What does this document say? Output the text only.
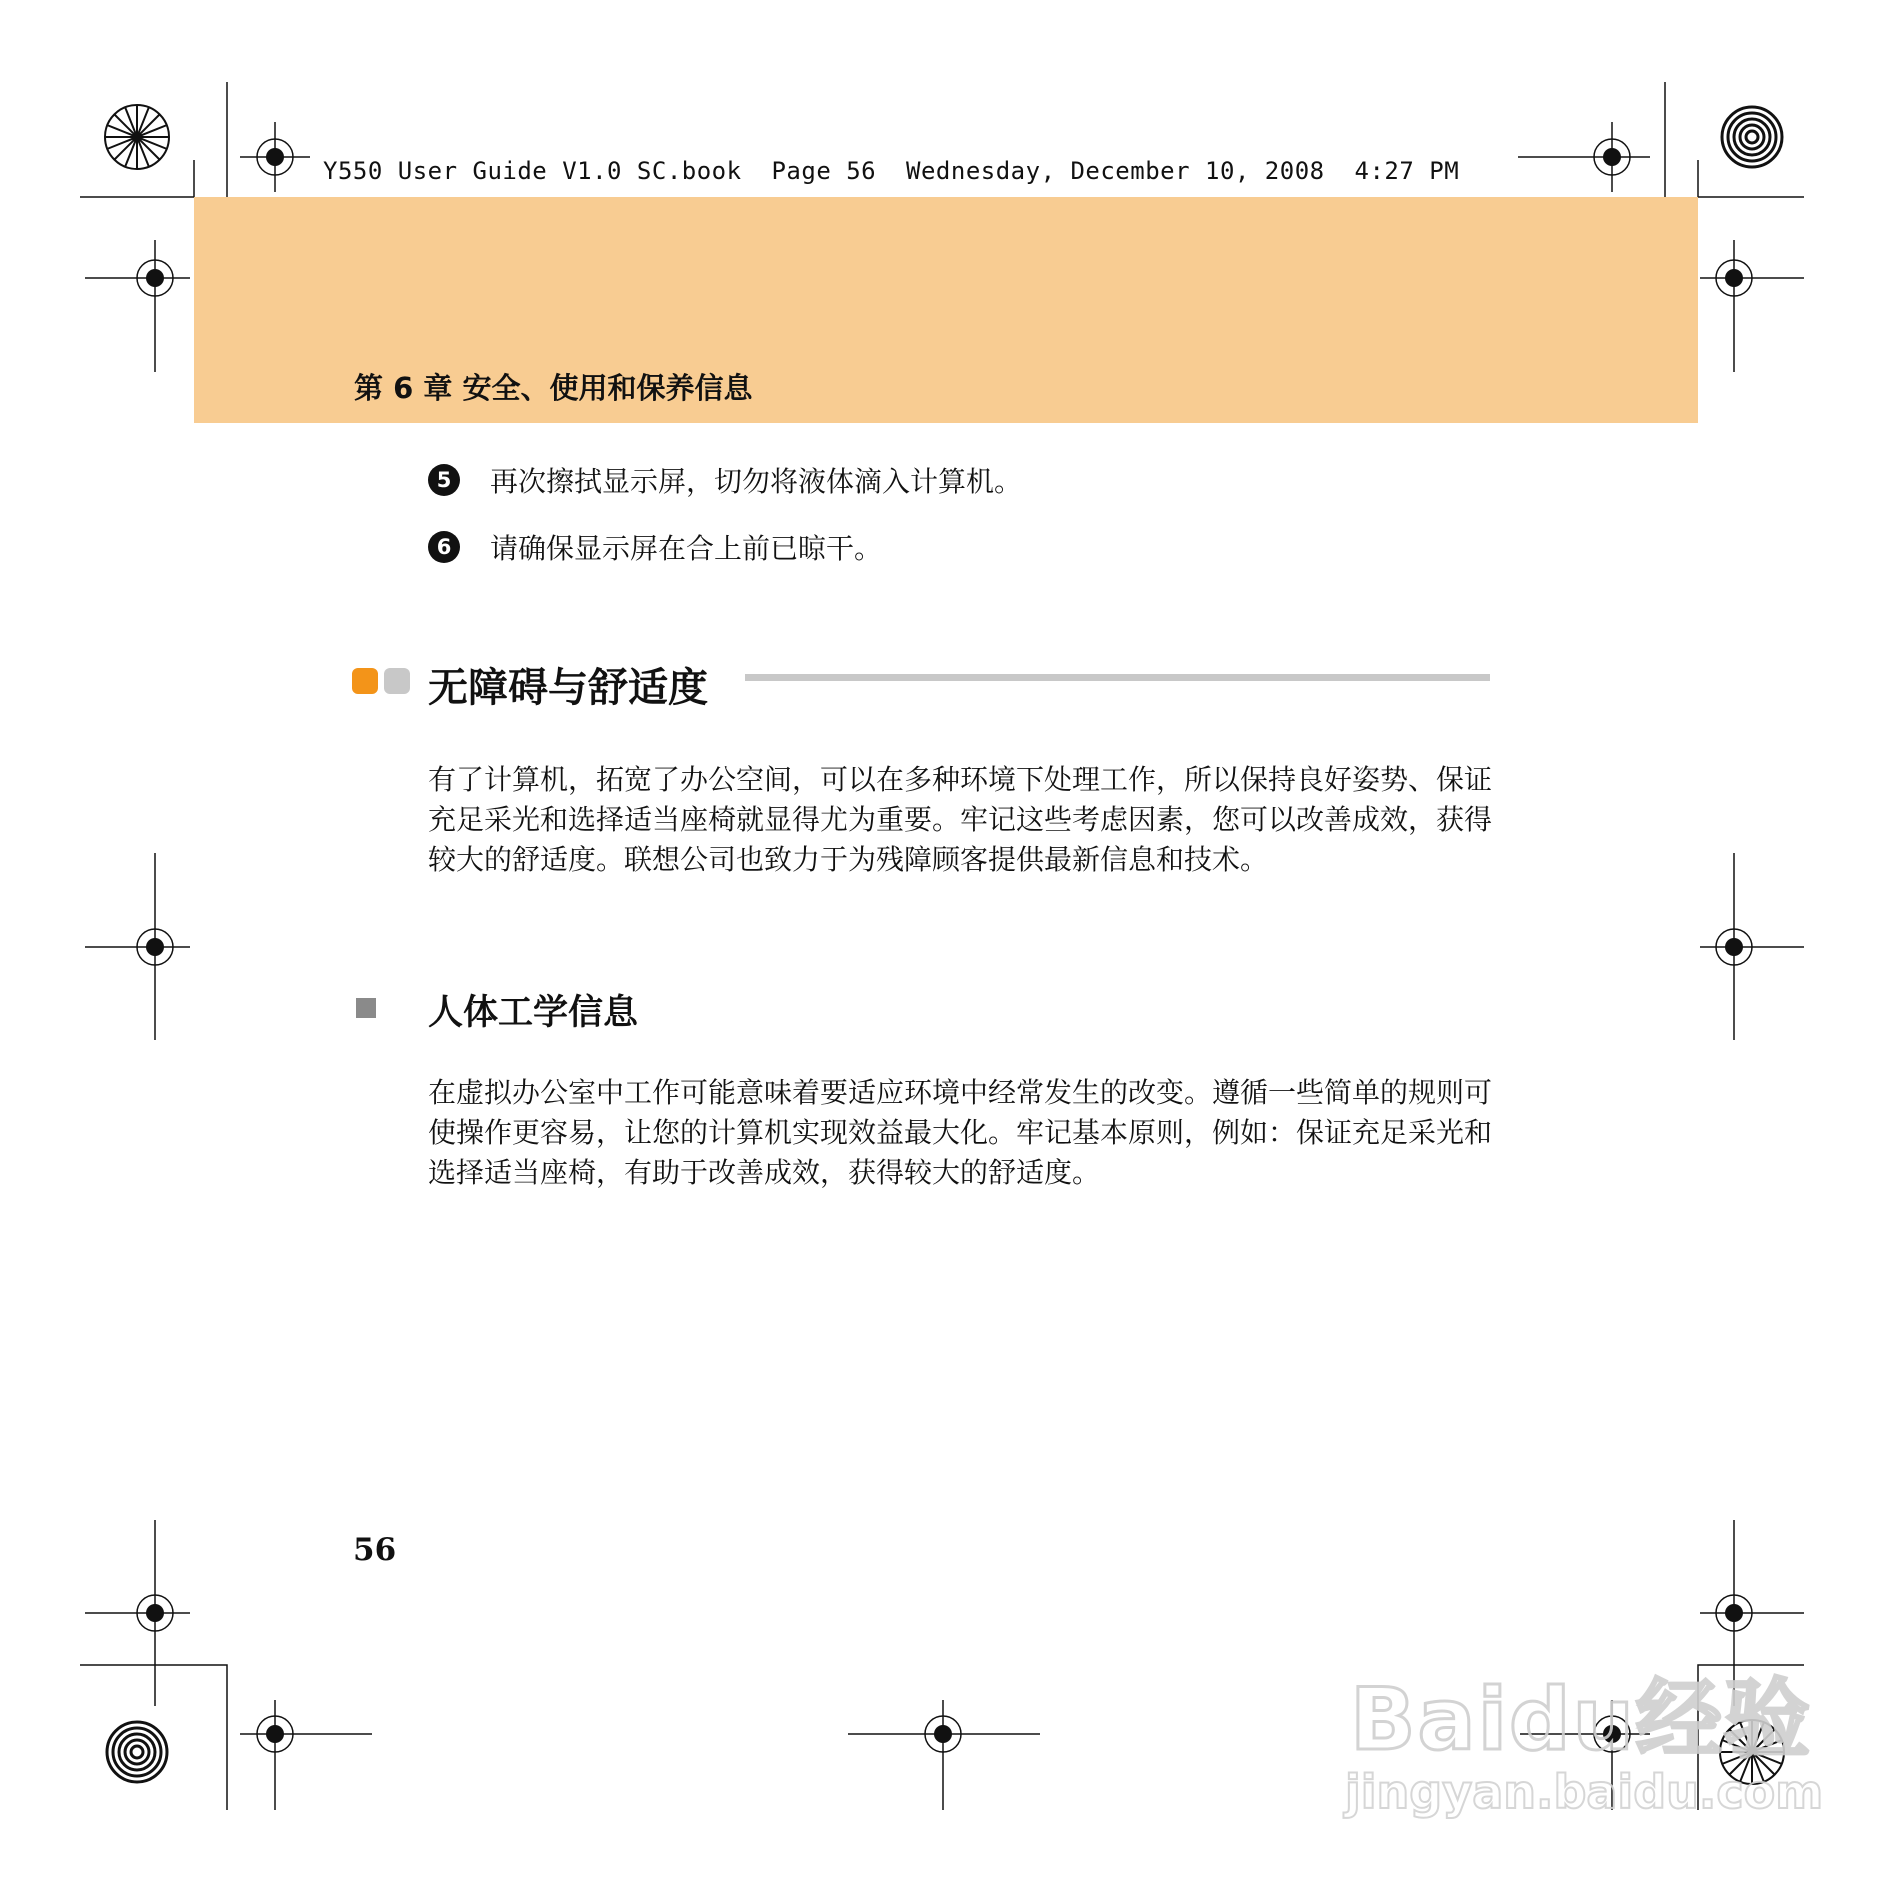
Y550 User Guide V1.0 SC.book  Page 56  Wednesday, December 10, 2008  4:27 PM
第 6 章 安全、使用和保养信息
5	再次擦拭显示屏，切勿将液体滴入计算机。
6	请确保显示屏在合上前已晾干。
无障碍与舒适度
有了计算机，拓宽了办公空间，可以在多种环境下处理工作，所以保持良好姿势、保证充足采光和选择适当座椅就显得尤为重要。牢记这些考虑因素，您可以改善成效，获得较大的舒适度。联想公司也致力于为残障顾客提供最新信息和技术。
人体工学信息
在虚拟办公室中工作可能意味着要适应环境中经常发生的改变。遵循一些简单的规则可使操作更容易，让您的计算机实现效益最大化。牢记基本原则，例如：保证充足采光和选择适当座椅，有助于改善成效，获得较大的舒适度。
56
Baidu经验
jingyan.baidu.com
